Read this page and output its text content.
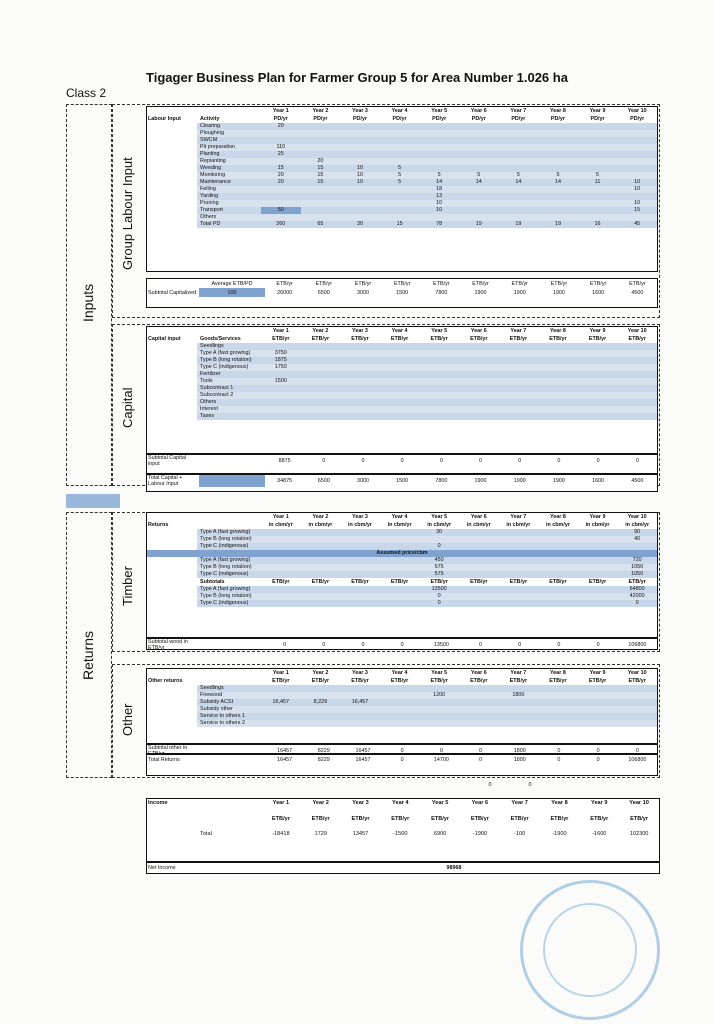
Tigager Business Plan for Farmer Group 5 for Area Number 1.026 ha
Class 2
Inputs
Returns
Group Labour Input
Capital
Timber
Other
		Year 1	Year 2	Year 3	Year 4	Year 5	Year 6	Year 7	Year 8	Year 9	Year 10
Labour Input	Activity	PD/yr	PD/yr	PD/yr	PD/yr	PD/yr	PD/yr	PD/yr	PD/yr	PD/yr	PD/yr
	Clearing	20									
	Ploughing										
	SWCM										
	Pit preparation	110									
	Planting	25									
	Replanting		20								
	Weeding	15	15	10	5						
	Monitoring	20	15	10	5	5	5	5	5	5	
	Maintenance	20	15	10	5	14	14	14	14	11	10
	Felling					18					10
	Yarding					13					
	Pruning					10					10
	Transport	50				10					15
	Others										
	Total PD	260	65	30	15	78	19	19	19	16	45
	Average ETB/PD	ETB/yr	ETB/yr	ETB/yr	ETB/yr	ETB/yr	ETB/yr	ETB/yr	ETB/yr	ETB/yr	ETB/yr
Subtotal Capitalized	100	26000	6500	3000	1500	7800	1900	1900	1900	1600	4500
		Year 1	Year 2	Year 3	Year 4	Year 5	Year 6	Year 7	Year 8	Year 9	Year 10
Capital input	Goods/Services	ETB/yr	ETB/yr	ETB/yr	ETB/yr	ETB/yr	ETB/yr	ETB/yr	ETB/yr	ETB/yr	ETB/yr
	Seedlings										
	Type A (fast growing)	3750									
	Type B (long rotation)	1875									
	Type C (indigenous)	1750									
	Fertilizer										
	Tools	1500									
	Subcontract 1										
	Subcontract 2										
	Others										
	Interest										
	Taxes										
Subtotal Capital input		8875	0	0	0	0	0	0	0	0	0
Total Capital + Labour Input		34875	6500	3000	1500	7800	1900	1900	1900	1600	4500
		Year 1	Year 2	Year 3	Year 4	Year 5	Year 6	Year 7	Year 8	Year 9	Year 10
Returns		in cbm/yr	in cbm/yr	in cbm/yr	in cbm/yr	in cbm/yr	in cbm/yr	in cbm/yr	in cbm/yr	in cbm/yr	in cbm/yr
	Type A (fast growing)					30					90
	Type B (long rotation)										40
	Type C (indigenous)					0					
Assumed price/cbm											
	Type A (fast growing)					450					720
	Type B (long rotation)					575					1050
	Type C (indigenous)					575					1050
	Subtotals	ETB/yr	ETB/yr	ETB/yr	ETB/yr	ETB/yr	ETB/yr	ETB/yr	ETB/yr	ETB/yr	ETB/yr
	Type A (fast growing)					13500					64800
	Type B (long rotation)					0					42000
	Type C (indigenous)					0					0
Subtotal wood in ETB/yr		0	0	0	0	13500	0	0	0	0	106800
		Year 1	Year 2	Year 3	Year 4	Year 5	Year 6	Year 7	Year 8	Year 9	Year 10
Other returns		ETB/yr	ETB/yr	ETB/yr	ETB/yr	ETB/yr	ETB/yr	ETB/yr	ETB/yr	ETB/yr	ETB/yr
	Seedlings										
	Firewood					1200		1800			
	Subsidy ACSI	16,457	8,229	16,457							
	Subsidy other										
	Service to others 1										
	Service to others 2										
Subtotal other in		16457	8229	16457	0	0	0	1800	0	0	0
Total Returns		16457	8229	16457	0	14700	0	1800	0	0	106800
0	0
Income		Year 1	Year 2	Year 3	Year 4	Year 5	Year 6	Year 7	Year 8	Year 9	Year 10

		ETB/yr	ETB/yr	ETB/yr	ETB/yr	ETB/yr	ETB/yr	ETB/yr	ETB/yr	ETB/yr	ETB/yr

	Total	-18418	1729	13457	-1500	6900	-1900	-100	-1900	-1600	102300
Net Income		98968	
